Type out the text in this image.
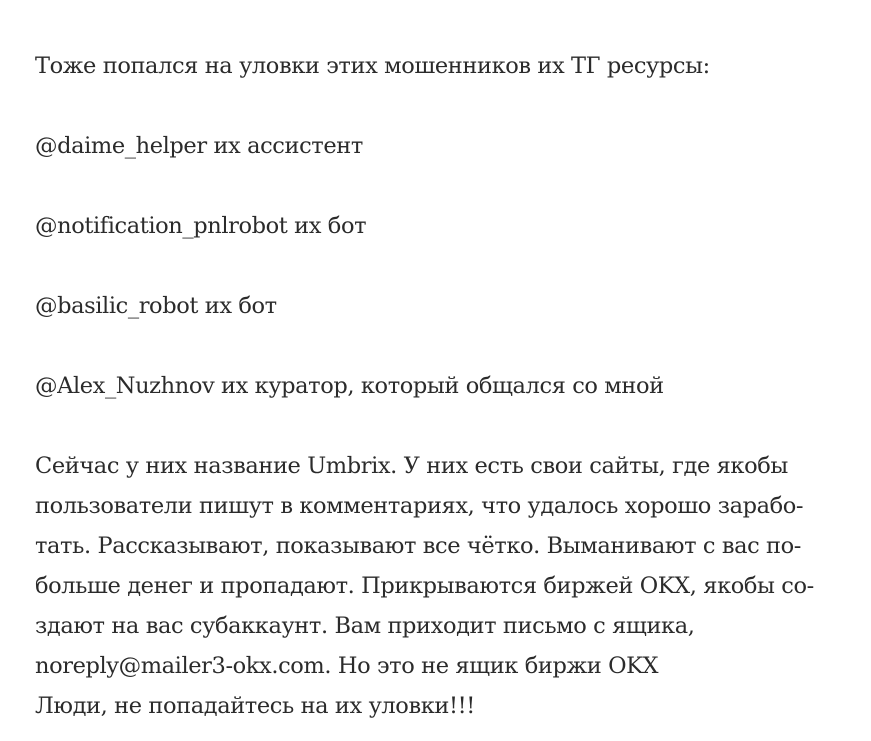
Тоже попался на уловки этих мошенников их ТГ ресурсы:

@daime_helper их ассистент

@notification_pnlrobot их бот

@basilic_robot их бот

@Alex_Nuzhnov их куратор, который общался со мной

Сейчас у них название Umbrix. У них есть свои сайты, где якобы
пользователи пишут в комментариях, что удалось хорошо зарабо-
тать. Рассказывают, показывают все чётко. Выманивают с вас по-
больше денег и пропадают. Прикрываются биржей OKX, якобы со-
здают на вас субаккаунт. Вам приходит письмо с ящика,
noreply@mailer3-okx.com. Но это не ящик биржи OKX
Люди, не попадайтесь на их уловки!!!
